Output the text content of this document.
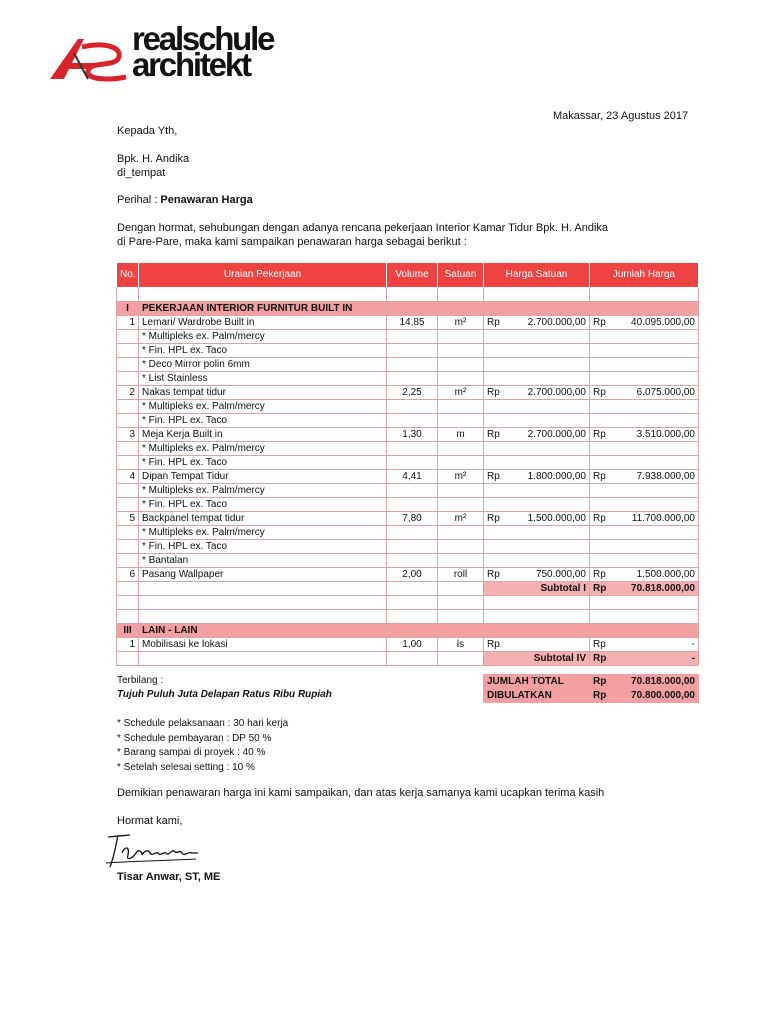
realschule
architekt
Makassar, 23 Agustus 2017
Kepada Yth,
Bpk. H. Andika
di_tempat
Perihal : Penawaran Harga
Dengan hormat, sehubungan dengan adanya rencana pekerjaan Interior Kamar Tidur Bpk. H. Andika
di Pare-Pare, maka kami sampaikan penawaran harga sebagai berikut :
No.	Uraian Pekerjaan	Volume	Satuan	Harga Satuan	Jumlah Harga

I	PEKERJAAN INTERIOR FURNITUR BUILT IN				
1	Lemari/ Wardrobe Built in	14,85	m²	Rp 2.700.000,00	Rp 40.095.000,00

	* Multipleks ex. Palm/mercy				
	* Fin. HPL ex. Taco				
	* Deco Mirror polin 6mm				
	* List Stainless				
2	Nakas tempat tidur	2,25	m²	Rp 2.700.000,00	Rp 6.075.000,00

	* Multipleks ex. Palm/mercy				
	* Fin. HPL ex. Taco				
3	Meja Kerja Built in	1,30	m	Rp 2.700.000,00	Rp 3.510.000,00

	* Multipleks ex. Palm/mercy				
	* Fin. HPL ex. Taco				
4	Dipan Tempat Tidur	4,41	m²	Rp 1.800.000,00	Rp 7.938.000,00

	* Multipleks ex. Palm/mercy				
	* Fin. HPL ex. Taco				
5	Backpanel tempat tidur	7,80	m²	Rp 1.500.000,00	Rp 11.700.000,00

	* Multipleks ex. Palm/mercy				
	* Fin. HPL ex. Taco				
	* Bantalan				
6	Pasang Wallpaper	2,00	roll	Rp 750.000,00	Rp 1.500.000,00

				Subtotal I	Rp 70.818.000,00

III	LAIN - LAIN				
1	Mobilisasi ke lokasi	1,00	ls	Rp	Rp -

				Subtotal IV	Rp -
Terbilang :
Tujuh Puluh Juta Delapan Ratus Ribu Rupiah
JUMLAH TOTAL	Rp	70.818.000,00
DIBULATKAN	Rp	70.800.000,00
* Schedule pelaksanaan : 30 hari kerja
* Schedule pembayaran : DP 50 %
* Barang sampai di proyek : 40 %
* Setelah selesai setting : 10 %
Demikian penawaran harga ini kami sampaikan, dan atas kerja samanya kami ucapkan terima kasih
Hormat kami,
Tisar Anwar, ST, ME
